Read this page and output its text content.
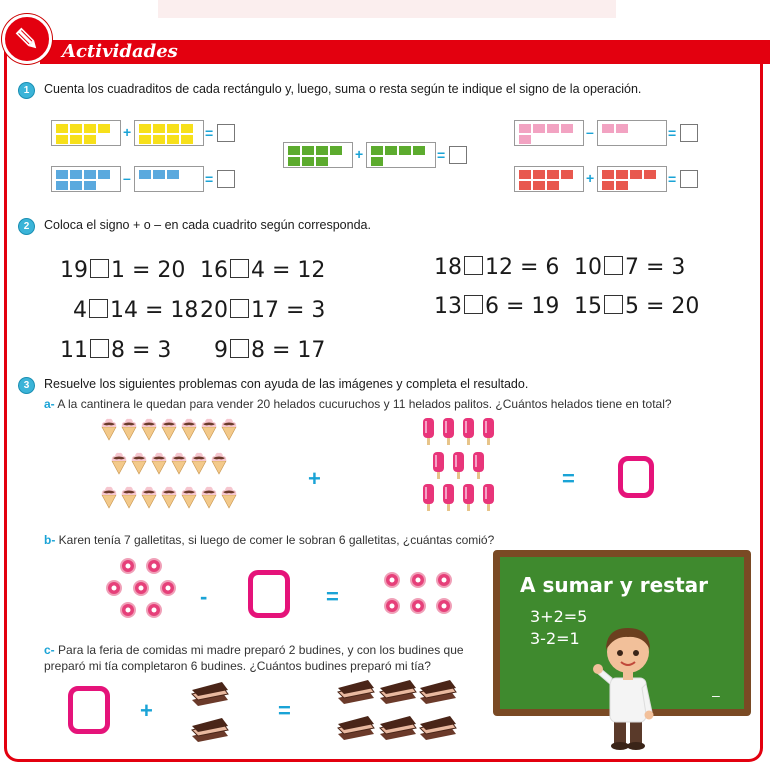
Actividades
1	Cuenta los cuadraditos de cada rectángulo y, luego, suma o resta según te indique el signo de la operación.
+	=
–	=
+	=
–	=
+	=
2	Coloca el signo + o – en cada cuadrito según corresponda.
19 1 = 20 16 4 = 12
4 14 = 18 20 17 = 3
11 8 = 3 9 8 = 17
18 12 = 6 10 7 = 3
13 6 = 19 15 5 = 20
3	Resuelve los siguientes problemas con ayuda de las imágenes y completa el resultado.
a- A la cantinera le quedan para vender 20 helados cucuruchos y 11 helados palitos. ¿Cuántos helados tiene en total?
+	=
b- Karen tenía 7 galletitas, si luego de comer le sobran 6 galletitas, ¿cuántas comió?
-	=
c- Para la feria de comidas mi madre preparó 2 budines, y con los budines que
preparó mi tía completaron 6 budines. ¿Cuántos budines preparó mi tía?
+	=
A sumar y restar
3+2=5
3-2=1
–
